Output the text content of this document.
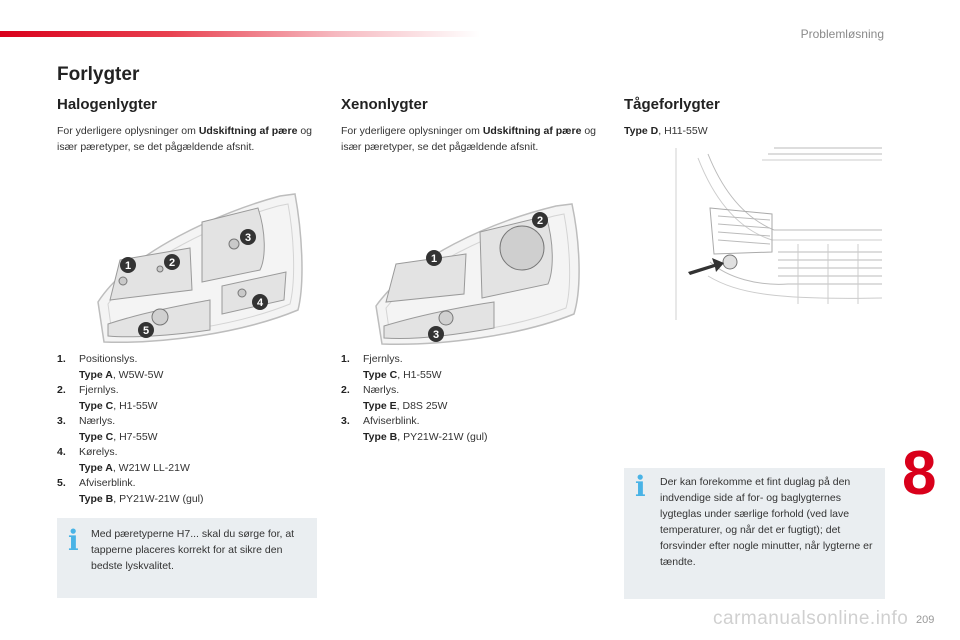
Problemløsning
Forlygter
Halogenlygter

For yderligere oplysninger om Udskiftning af pære og især pæretyper, se det pågældende afsnit.

1	2
3
4
5
1.	Positionslys.
Type A, W5W-5W
2.	Fjernlys.
Type C, H1-55W
3.	Nærlys.
Type C, H7-55W
4.	Kørelys.
Type A, W21W LL-21W
5.	Afviserblink.
Type B, PY21W-21W (gul)
i Med pæretyperne H7... skal du sørge for, at tapperne placeres korrekt for at sikre den bedste lyskvalitet.
Xenonlygter

For yderligere oplysninger om Udskiftning af pære og især pæretyper, se det pågældende afsnit.

1
2
3
1.	Fjernlys.
Type C, H1-55W
2.	Nærlys.
Type E, D8S 25W
3.	Afviserblink.
Type B, PY21W-21W (gul)
Tågeforlygter

Type D, H11-55W

i Der kan forekomme et fint duglag på den indvendige side af for- og baglygternes lygteglas under særlige forhold (ved lave temperaturer, og når det er fugtigt); det forsvinder efter nogle minutter, når lygterne er tændte.
8
carmanualsonline.info 209
